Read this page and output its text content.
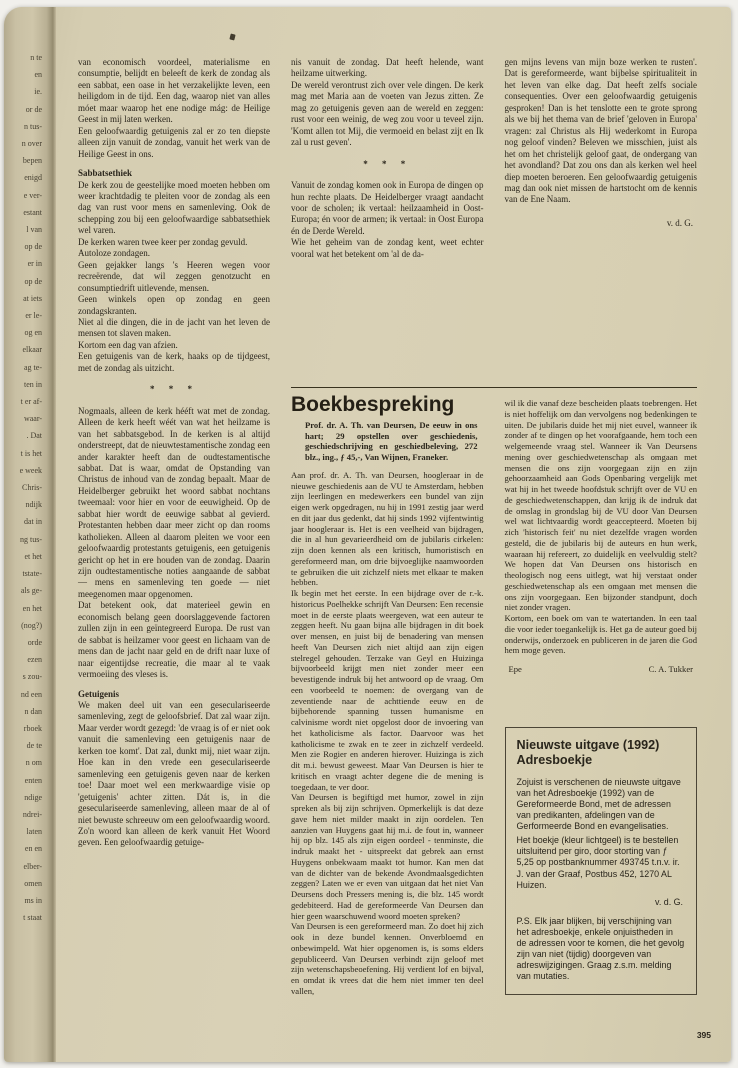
n te
en
ie.
or de
n tus-
n over
bepen
enigd
e ver-
estant
l van
op de
er in
op de
at iets
er le-
og en
elkaar
ag te-
ten in
t er af-
waar-
. Dat
t is het
e week
Chris-
ndijk
dat in
ng tus-
et het
tstate-
als ge-
en het
(nog?)
orde
ezen
s zou-
nd een
n dan
rboek
de te
n om
enten
ndige
ndrei-
laten
en en
elber-
omen
ms in
t staat
van economisch voordeel, materialisme en consumptie, belijdt en beleeft de kerk de zondag als een sabbat, een oase in het verzakelijkte leven, een heiligdom in de tijd. Een dag, waarop niet van alles móet maar waarop het ene nodige mág: de Heilige Geest in mij laten werken.
Een geloofwaardig getuigenis zal er zo ten diepste alleen zijn vanuit de zondag, vanuit het werk van de Heilige Geest in ons.
Sabbatsethiek
De kerk zou de geestelijke moed moeten hebben om weer krachtdadig te pleiten voor de zondag als een dag van rust voor mens en samenleving. Ook de schepping zou bij een geloofwaardige sabbatsethiek wel varen.
De kerken waren twee keer per zondag gevuld.
Autoloze zondagen.
Geen gejakker langs 's Heeren wegen voor recreërende, dat wil zeggen genotzucht en consumptiedrift uitlevende, mensen.
Geen winkels open op zondag en geen zondagskranten.
Niet al die dingen, die in de jacht van het leven de mensen tot slaven maken.
Kortom een dag van afzien.
Een getuigenis van de kerk, haaks op de tijdgeest, met de zondag als uitzicht.
* * *
Nogmaals, alleen de kerk hééft wat met de zondag. Alleen de kerk heeft wéét van wat het heilzame is van het sabbatsgebod. In de kerken is al altijd onderstreept, dat de nieuwtestamentische zondag een ander karakter heeft dan de oudtestamentische sabbat. Dat is waar, omdat de Opstanding van Christus de inhoud van de zondag bepaalt. Maar de Heidelberger gebruikt het woord sabbat nochtans tweemaal: voor hier en voor de eeuwigheid. Op de sabbat hier wordt de eeuwige sabbat al gevierd. Protestanten hebben daar meer zicht op dan rooms katholieken. Alleen al daarom pleiten we voor een geloofwaardig protestants getuigenis, een getuigenis gericht op het in ere houden van de zondag. Daarin zijn oudtestamentische noties aangaande de sabbat — mens en samenleving ten goede — niet meegenomen maar opgenomen.
Dat betekent ook, dat materieel gewin en economisch belang geen doorslaggevende factoren zullen zijn in een geïntegreerd Europa. De rust van de sabbat is heilzamer voor geest en lichaam van de mens dan de jacht naar geld en de drift naar luxe of naar eigentijdse recreatie, die maar al te vaak vermoeiing des vleses is.
Getuigenis
We maken deel uit van een geseculariseerde samenleving, zegt de geloofsbrief. Dat zal waar zijn. Maar verder wordt gezegd: 'de vraag is of er niet ook vanuit die samenleving een getuigenis naar de kerken toe komt'. Dat zal, dunkt mij, niet waar zijn. Hoe kan in den vrede een geseculariseerde samenleving een getuigenis geven naar de kerken toe! Daar moet wel een merkwaardige visie op 'getuigenis' achter zitten. Dát is, in die geseculariseerde samenleving, alleen maar de al of niet bewuste schreeuw om een geloofwaardig woord. Zo'n woord kan alleen de kerk vanuit Het Woord geven. Een geloofwaardig getuige-
nis vanuit de zondag. Dat heeft helende, want heilzame uitwerking.
De wereld verontrust zich over vele dingen. De kerk mag met Maria aan de voeten van Jezus zitten. Ze mag zo getuigenis geven aan de wereld en zeggen: rust voor een weinig, de weg zou voor u teveel zijn. 'Komt allen tot Mij, die vermoeid en belast zijt en Ik zal u rust geven'.
* * *
Vanuit de zondag komen ook in Europa de dingen op hun rechte plaats. De Heidelberger vraagt aandacht voor de scholen; ik vertaal: heilzaamheid in Oost-Europa; én voor de armen; ik vertaal: in Oost Europa én de Derde Wereld.
Wie het geheim van de zondag kent, weet echter vooral wat het betekent om 'al de da-
gen mijns levens van mijn boze werken te rusten'. Dat is gereformeerde, want bijbelse spiritualiteit in het leven van elke dag. Dat heeft zelfs sociale consequenties. Over een geloofwaardig getuigenis gesproken! Dan is het tenslotte een te grote sprong als we bij het thema van de brief 'geloven in Europa' vragen: zal Christus als Hij wederkomt in Europa nog geloof vinden? Beleven we misschien, juist als het om het christelijk geloof gaat, de ondergang van het avondland? Dat zou ons dan als kerken wel heel diep moeten beroeren. Een geloofwaardig getuigenis mag dan ook niet missen de hartstocht om de kennis van de Ene Naam.
v. d. G.
Boekbespreking
Prof. dr. A. Th. van Deursen, De eeuw in ons hart; 29 opstellen over geschiedenis, geschiedschrijving en geschiedbeleving, 272 blz., ing., ƒ 45,-, Van Wijnen, Franeker.
Aan prof. dr. A. Th. van Deursen, hoogleraar in de nieuwe geschiedenis aan de VU te Amsterdam, hebben zijn leerlingen en medewerkers een bundel van zijn eigen werk opgedragen, nu hij in 1991 zestig jaar werd en dit jaar dus gedenkt, dat hij sinds 1992 vijfentwintig jaar hoogleraar is. Het is een veelheid van bijdragen, die in al hun gevarieerdheid om de jubilaris cirkelen: zijn doen kennen als een kritisch, humoristisch en gereformeerd man, om drie bijvoeglijke naamwoorden te gebruiken die uit zichzelf niets met elkaar te maken hebben.
Ik begin met het eerste. In een bijdrage over de r.-k. historicus Poelhekke schrijft Van Deursen: Een recensie moet in de eerste plaats weergeven, wat een auteur te zeggen heeft. Nu gaan bijna alle bijdragen in dit boek over mensen, en juist bij de benadering van mensen heeft Van Deursen zich niet altijd aan zijn eigen stelregel gehouden. Terzake van Geyl en Huizinga bijvoorbeeld krijgt men niet zonder meer een bevestigende indruk bij het antwoord op de vraag. Om een voorbeeld te noemen: de overgang van de zeventiende naar de achttiende eeuw en de bijbehorende spanning tussen humanisme en calvinisme wordt niet opgelost door de invoering van het katholicisme als factor. Daarvoor was het katholicisme te zwak en te zeer in zichzelf verdeeld. Men zie Rogier en anderen hierover. Huizinga is zich dit m.i. bewust geweest. Maar Van Deursen is hier te kritisch en vraagt achter degene die de mening is toegedaan, te ver door.
Van Deursen is begiftigd met humor, zowel in zijn spreken als bij zijn schrijven. Opmerkelijk is dat deze gave hem niet milder maakt in zijn oordelen. Ten aanzien van Huygens gaat hij m.i. de fout in, wanneer hij op blz. 145 als zijn eigen oordeel - tenminste, die indruk maakt het - uitspreekt dat gebrek aan ernst Huygens onbekwaam maakt tot humor. Kan men dat van de dichter van de bekende Avondmaalsgedichten zeggen? Laten we er even van uitgaan dat het niet Van Deursens doch Pressers mening is, die blz. 145 wordt gedebiteerd. Had de gereformeerde Van Deursen dan hier geen waarschuwend woord moeten spreken?
Van Deursen is een gereformeerd man. Zo doet hij zich ook in deze bundel kennen. Onverbloemd en onbewimpeld. Wat hier opgenomen is, is soms elders gepubliceerd. Van Deursen verbindt zijn geloof met zijn wetenschapsbeoefening. Hij verdient lof en bijval, en omdat ik vrees dat die hem niet immer ten deel vallen,
wil ik die vanaf deze bescheiden plaats toebrengen. Het is niet hoffelijk om dan vervolgens nog bedenkingen te uiten. De jubilaris duide het mij niet euvel, wanneer ik zonder af te dingen op het voorafgaande, hem toch een welgemeende vraag stel. Wanneer ik Van Deursens mening over geschiedwetenschap als omgaan met mensen die ons zijn voorgegaan zijn en zijn gehoorzaamheid aan Gods Openbaring vergelijk met wat hij in het tweede hoofdstuk schrijft over de VU en de geschiedwetenschappen, dan krijg ik de indruk dat de omslag in grondslag bij de VU door Van Deursen wel wat lichtvaardig wordt geaccepteerd. Moeten bij zich 'historisch feit' nu niet dezelfde vragen worden gesteld, die de jubilaris bij de auteurs en hun werk, waaraan hij refereert, zo duidelijk en veelvuldig stelt? We hopen dat Van Deursen ons historisch en theologisch nog eens uitlegt, wat hij verstaat onder geschiedwetenschap als een omgaan met mensen die ons zijn voorgegaan. Een bijzonder standpunt, doch niet zonder vragen.
Kortom, een boek om van te watertanden. In een taal die voor ieder toegankelijk is. Het ga de auteur goed bij onderwijs, onderzoek en publiceren in de jaren die God hem moge geven.
Epe	C. A. Tukker
Nieuwste uitgave (1992)
Adresboekje
Zojuist is verschenen de nieuwste uitgave van het Adresboekje (1992) van de Gereformeerde Bond, met de adressen van predikanten, afdelingen van de Gerformeerde Bond en evangelisaties.
Het boekje (kleur lichtgeel) is te bestellen uitsluitend per giro, door storting van ƒ 5,25 op postbanknummer 493745 t.n.v. ir. J. van der Graaf, Postbus 452, 1270 AL Huizen.
v. d. G.
P.S. Elk jaar blijken, bij verschijning van het adresboekje, enkele onjuistheden in de adressen voor te komen, die het gevolg zijn van niet (tijdig) doorgeven van adreswijzigingen. Graag z.s.m. melding van mutaties.
395
